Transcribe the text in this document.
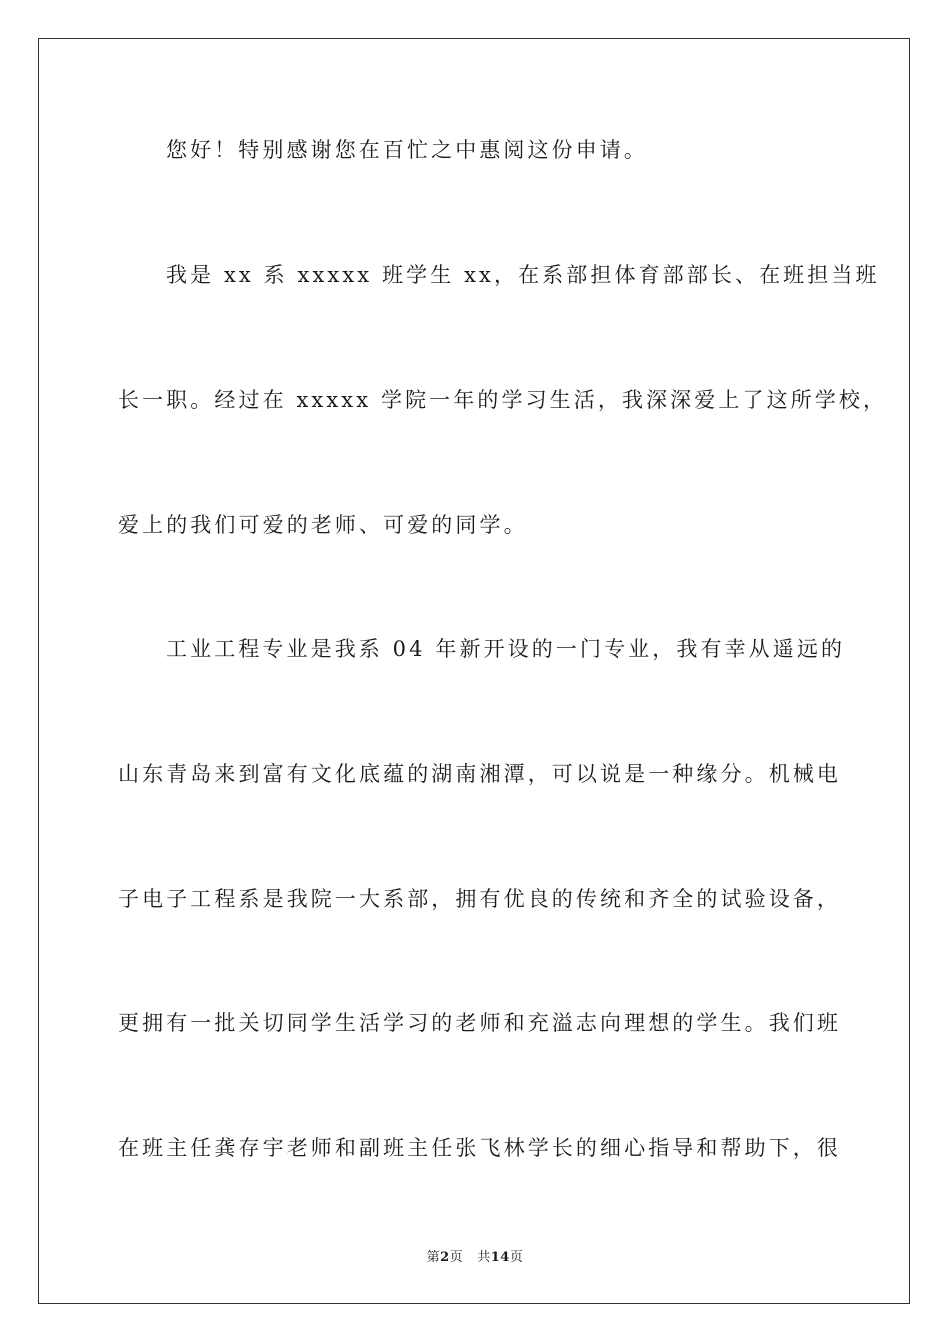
您好！特别感谢您在百忙之中惠阅这份申请。
我是 xx 系 xxxxx 班学生 xx，在系部担体育部部长、在班担当班
长一职。经过在 xxxxx 学院一年的学习生活，我深深爱上了这所学校，
爱上的我们可爱的老师、可爱的同学。
工业工程专业是我系 04 年新开设的一门专业，我有幸从遥远的
山东青岛来到富有文化底蕴的湖南湘潭，可以说是一种缘分。机械电
子电子工程系是我院一大系部，拥有优良的传统和齐全的试验设备，
更拥有一批关切同学生活学习的老师和充溢志向理想的学生。我们班
在班主任龚存宇老师和副班主任张飞林学长的细心指导和帮助下，很
第2页 共14页
